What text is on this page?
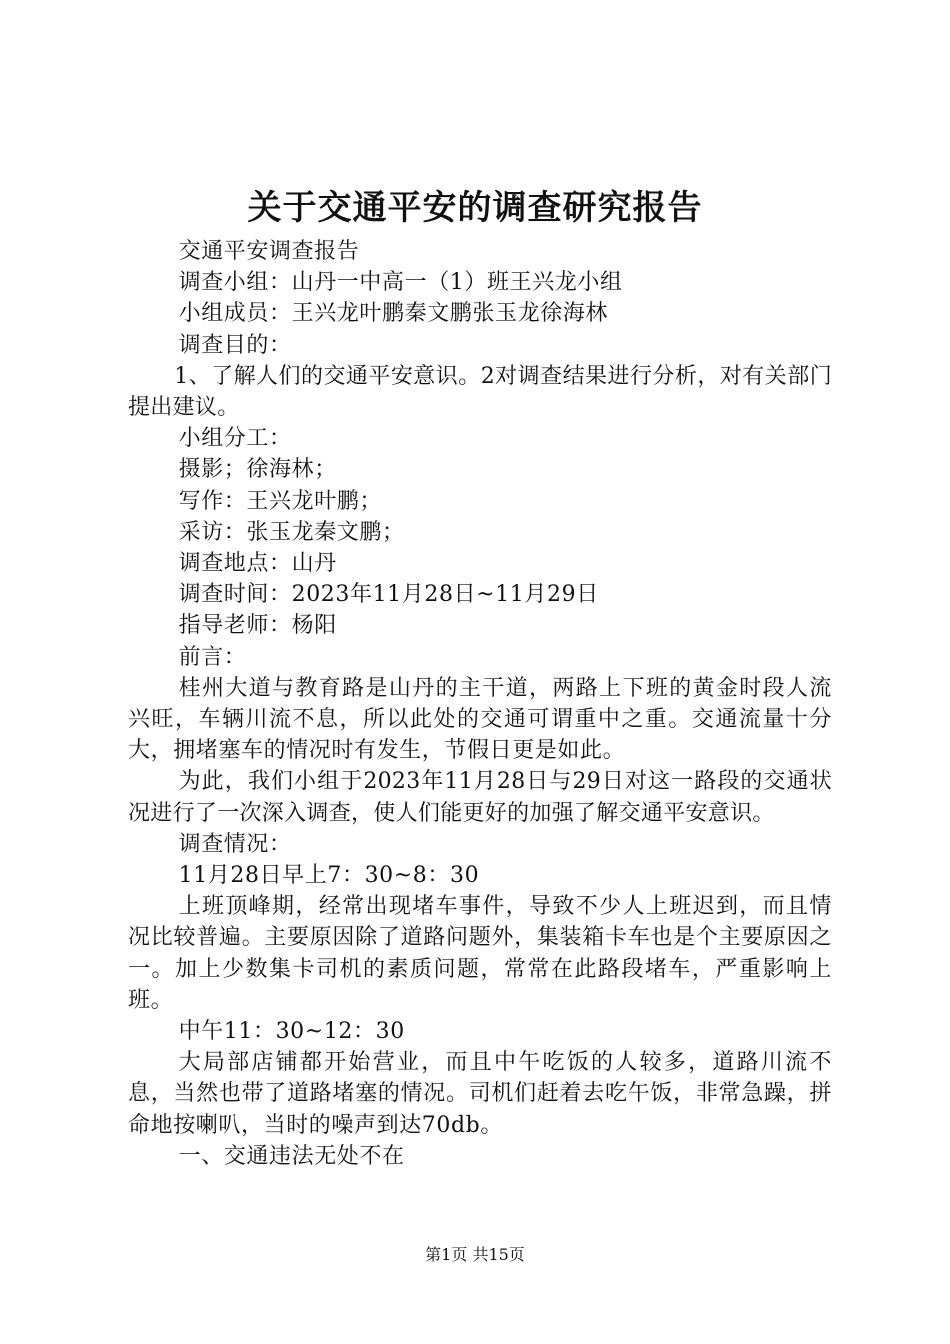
关于交通平安的调查研究报告

交通平安调查报告

调查小组：山丹一中高一（1）班王兴龙小组

小组成员：王兴龙叶鹏秦文鹏张玉龙徐海林

调查目的：

1、了解人们的交通平安意识。2对调查结果进行分析，对有关部门提出建议。

小组分工：

摄影；徐海林；

写作：王兴龙叶鹏；

采访：张玉龙秦文鹏；

调查地点：山丹

调查时间：2023年11月28日~11月29日

指导老师：杨阳

前言：

桂州大道与教育路是山丹的主干道，两路上下班的黄金时段人流兴旺，车辆川流不息，所以此处的交通可谓重中之重。交通流量十分大，拥堵塞车的情况时有发生，节假日更是如此。

为此，我们小组于2023年11月28日与29日对这一路段的交通状况进行了一次深入调查，使人们能更好的加强了解交通平安意识。

调查情况：

11月28日早上7：30~8：30

上班顶峰期，经常出现堵车事件，导致不少人上班迟到，而且情况比较普遍。主要原因除了道路问题外，集装箱卡车也是个主要原因之一。加上少数集卡司机的素质问题，常常在此路段堵车，严重影响上班。

中午11：30~12：30

大局部店铺都开始营业，而且中午吃饭的人较多，道路川流不息，当然也带了道路堵塞的情况。司机们赶着去吃午饭，非常急躁，拼命地按喇叭，当时的噪声到达70db。

一、交通违法无处不在

第1页 共15页
